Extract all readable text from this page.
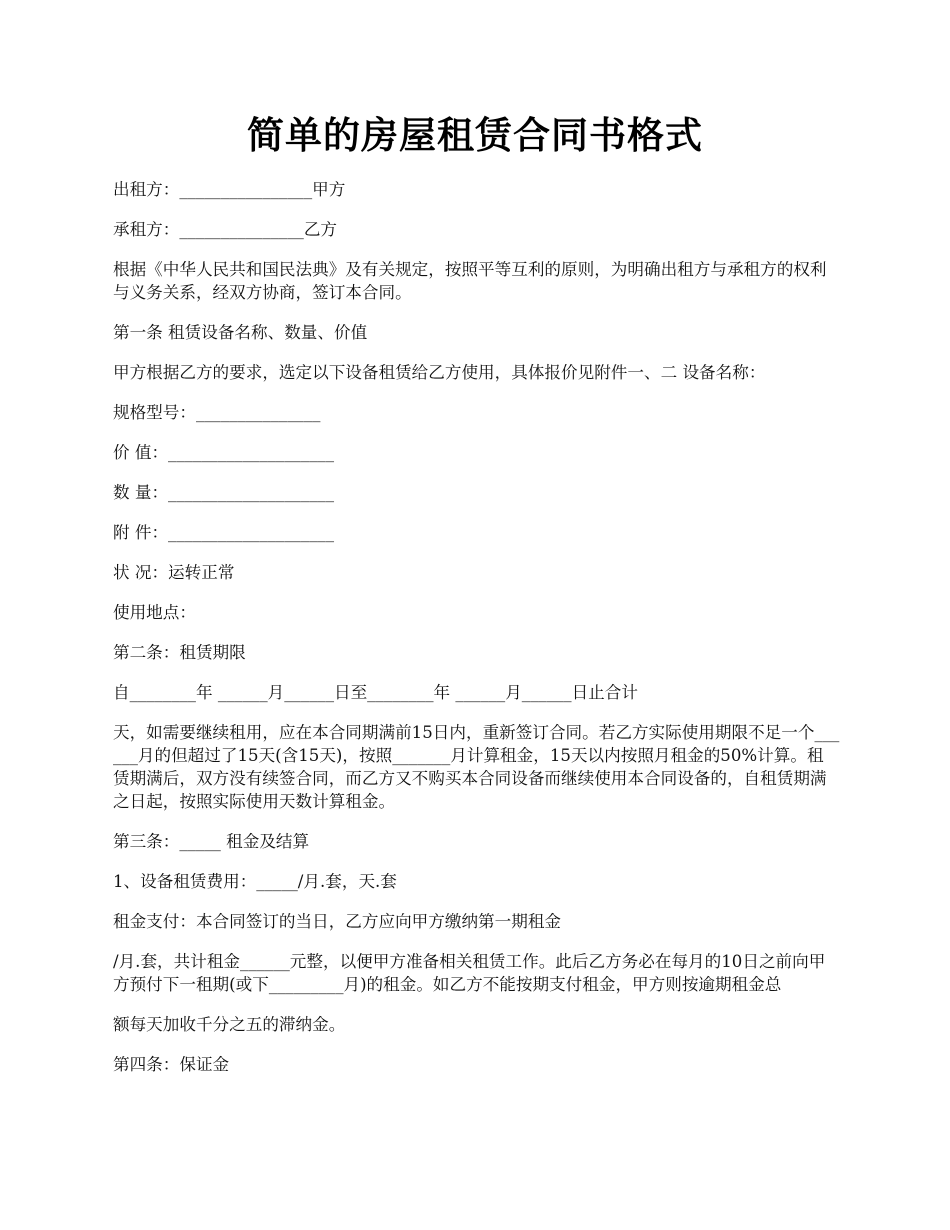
简单的房屋租赁合同书格式

出租方：________________甲方

承租方：_______________乙方

根据《中华人民共和国民法典》及有关规定，按照平等互利的原则，为明确出租方与承租方的权利与义务关系，经双方协商，签订本合同。

第一条 租赁设备名称、数量、价值

甲方根据乙方的要求，选定以下设备租赁给乙方使用，具体报价见附件一、二 设备名称：

规格型号：_______________

价 值：____________________

数 量：____________________

附 件：____________________

状 况：运转正常

使用地点：

第二条：租赁期限

自________年 ______月______日至________年 ______月______日止合计

天，如需要继续租用，应在本合同期满前15日内，重新签订合同。若乙方实际使用期限不足一个______月的但超过了15天(含15天)，按照_______月计算租金，15天以内按照月租金的50%计算。租赁期满后，双方没有续签合同，而乙方又不购买本合同设备而继续使用本合同设备的，自租赁期满之日起，按照实际使用天数计算租金。

第三条：_____ 租金及结算

1、设备租赁费用：_____/月.套，天.套

租金支付：本合同签订的当日，乙方应向甲方缴纳第一期租金

/月.套，共计租金______元整，以便甲方准备相关租赁工作。此后乙方务必在每月的10日之前向甲方预付下一租期(或下_________月)的租金。如乙方不能按期支付租金，甲方则按逾期租金总

额每天加收千分之五的滞纳金。

第四条：保证金
